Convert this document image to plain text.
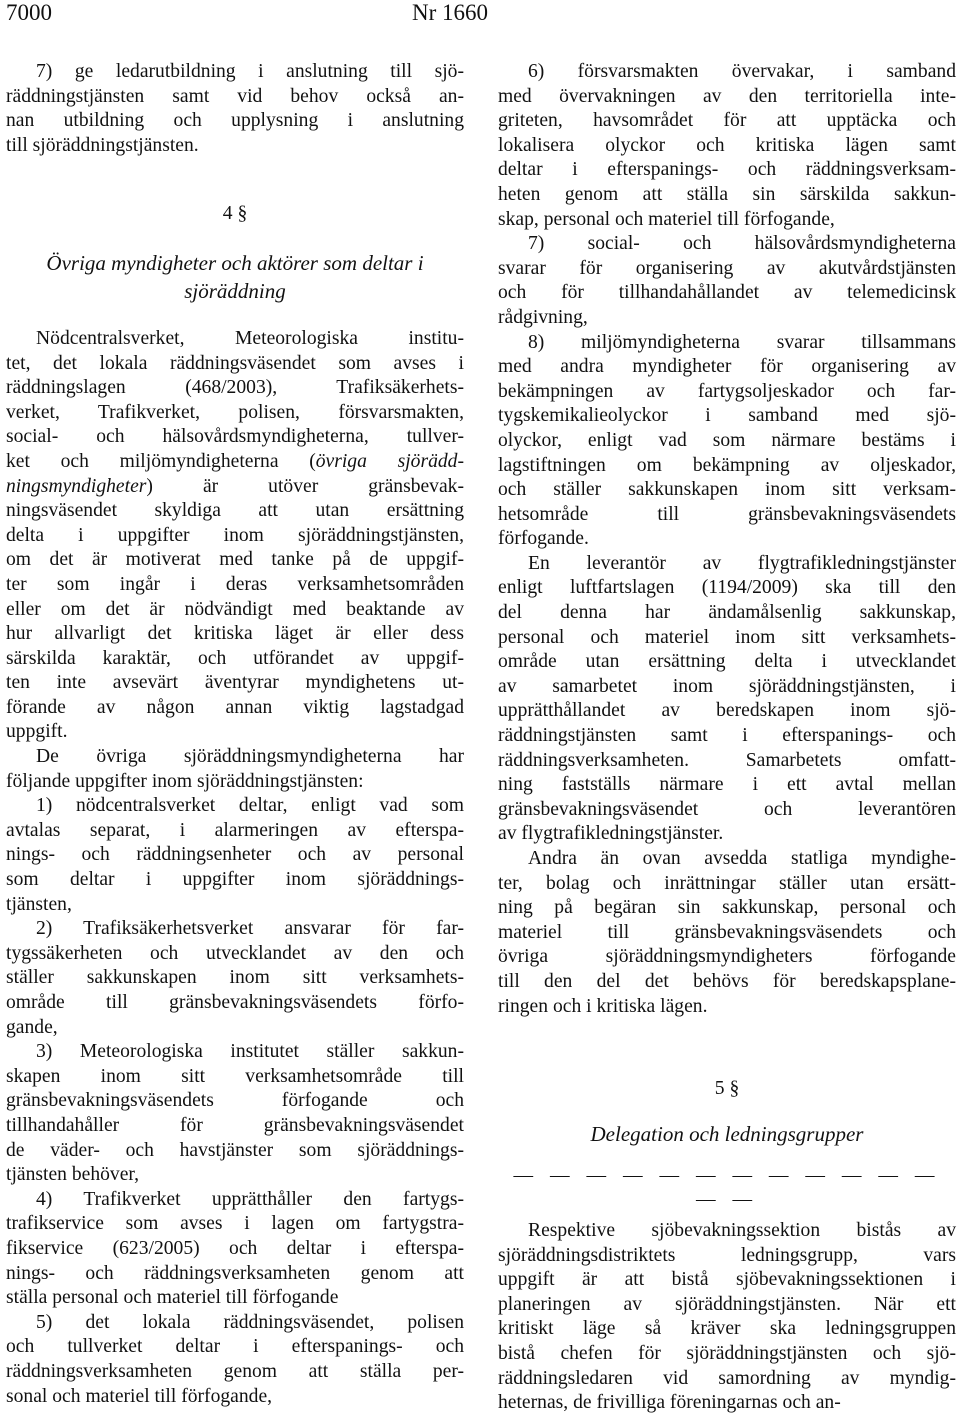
7000	Nr 1660

7) ge ledarutbildning i anslutning till sjö-
räddningstjänsten samt vid behov också an-
nan utbildning och upplysning i anslutning
till sjöräddningstjänsten.

4 §
Övriga myndigheter och aktörer som deltar i
sjöräddning

Nödcentralsverket, Meteorologiska institu-
tet, det lokala räddningsväsendet som avses i
räddningslagen (468/2003), Trafiksäkerhets-
verket, Trafikverket, polisen, försvarsmakten,
social- och hälsovårdsmyndigheterna, tullver-
ket och miljömyndigheterna (övriga sjörädd-
ningsmyndigheter) är utöver gränsbevak-
ningsväsendet skyldiga att utan ersättning
delta i uppgifter inom sjöräddningstjänsten,
om det är motiverat med tanke på de uppgif-
ter som ingår i deras verksamhetsområden
eller om det är nödvändigt med beaktande av
hur allvarligt det kritiska läget är eller dess
särskilda karaktär, och utförandet av uppgif-
ten inte avsevärt äventyrar myndighetens ut-
förande av någon annan viktig lagstadgad
uppgift.

De övriga sjöräddningsmyndigheterna har
följande uppgifter inom sjöräddningstjänsten:

1) nödcentralsverket deltar, enligt vad som
avtalas separat, i alarmeringen av efterspa-
nings- och räddningsenheter och av personal
som deltar i uppgifter inom sjöräddnings-
tjänsten,

2) Trafiksäkerhetsverket ansvarar för far-
tygssäkerheten och utvecklandet av den och
ställer sakkunskapen inom sitt verksamhets-
område till gränsbevakningsväsendets förfo-
gande,

3) Meteorologiska institutet ställer sakkun-
skapen inom sitt verksamhetsområde till
gränsbevakningsväsendets förfogande och
tillhandahåller för gränsbevakningsväsendet
de väder- och havstjänster som sjöräddnings-
tjänsten behöver,

4) Trafikverket upprätthåller den fartygs-
trafikservice som avses i lagen om fartygstra-
fikservice (623/2005) och deltar i efterspa-
nings- och räddningsverksamheten genom att
ställa personal och materiel till förfogande

5) det lokala räddningsväsendet, polisen
och tullverket deltar i efterspanings- och
räddningsverksamheten genom att ställa per-
sonal och materiel till förfogande,

6) försvarsmakten övervakar, i samband
med övervakningen av den territoriella inte-
griteten, havsområdet för att upptäcka och
lokalisera olyckor och kritiska lägen samt
deltar i efterspanings- och räddningsverksam-
heten genom att ställa sin särskilda sakkun-
skap, personal och materiel till förfogande,

7) social- och hälsovårdsmyndigheterna
svarar för organisering av akutvårdstjänsten
och för tillhandahållandet av telemedicinsk
rådgivning,

8) miljömyndigheterna svarar tillsammans
med andra myndigheter för organisering av
bekämpningen av fartygsoljeskador och far-
tygskemikalieolyckor i samband med sjö-
olyckor, enligt vad som närmare bestäms i
lagstiftningen om bekämpning av oljeskador,
och ställer sakkunskapen inom sitt verksam-
hetsområde till gränsbevakningsväsendets
förfogande.

En leverantör av flygtrafikledningstjänster
enligt luftfartslagen (1194/2009) ska till den
del denna har ändamålsenlig sakkunskap,
personal och materiel inom sitt verksamhets-
område utan ersättning delta i utvecklandet
av samarbetet inom sjöräddningstjänsten, i
upprätthållandet av beredskapen inom sjö-
räddningstjänsten samt i efterspanings- och
räddningsverksamheten. Samarbetets omfatt-
ning fastställs närmare i ett avtal mellan
gränsbevakningsväsendet och leverantören
av flygtrafikledningstjänster.

Andra än ovan avsedda statliga myndighe-
ter, bolag och inrättningar ställer utan ersätt-
ning på begäran sin sakkunskap, personal och
materiel till gränsbevakningsväsendets och
övriga sjöräddningsmyndigheters förfogande
till den del det behövs för beredskapsplane-
ringen och i kritiska lägen.

5 §
Delegation och ledningsgrupper
— — — — — — — — — — — — — —

Respektive sjöbevakningssektion bistås av
sjöräddningsdistriktets ledningsgrupp, vars
uppgift är att bistå sjöbevakningssektionen i
planeringen av sjöräddningstjänsten. När ett
kritiskt läge så kräver ska ledningsgruppen
bistå chefen för sjöräddningstjänsten och sjö-
räddningsledaren vid samordning av myndig-
heternas, de frivilliga föreningarnas och an-
